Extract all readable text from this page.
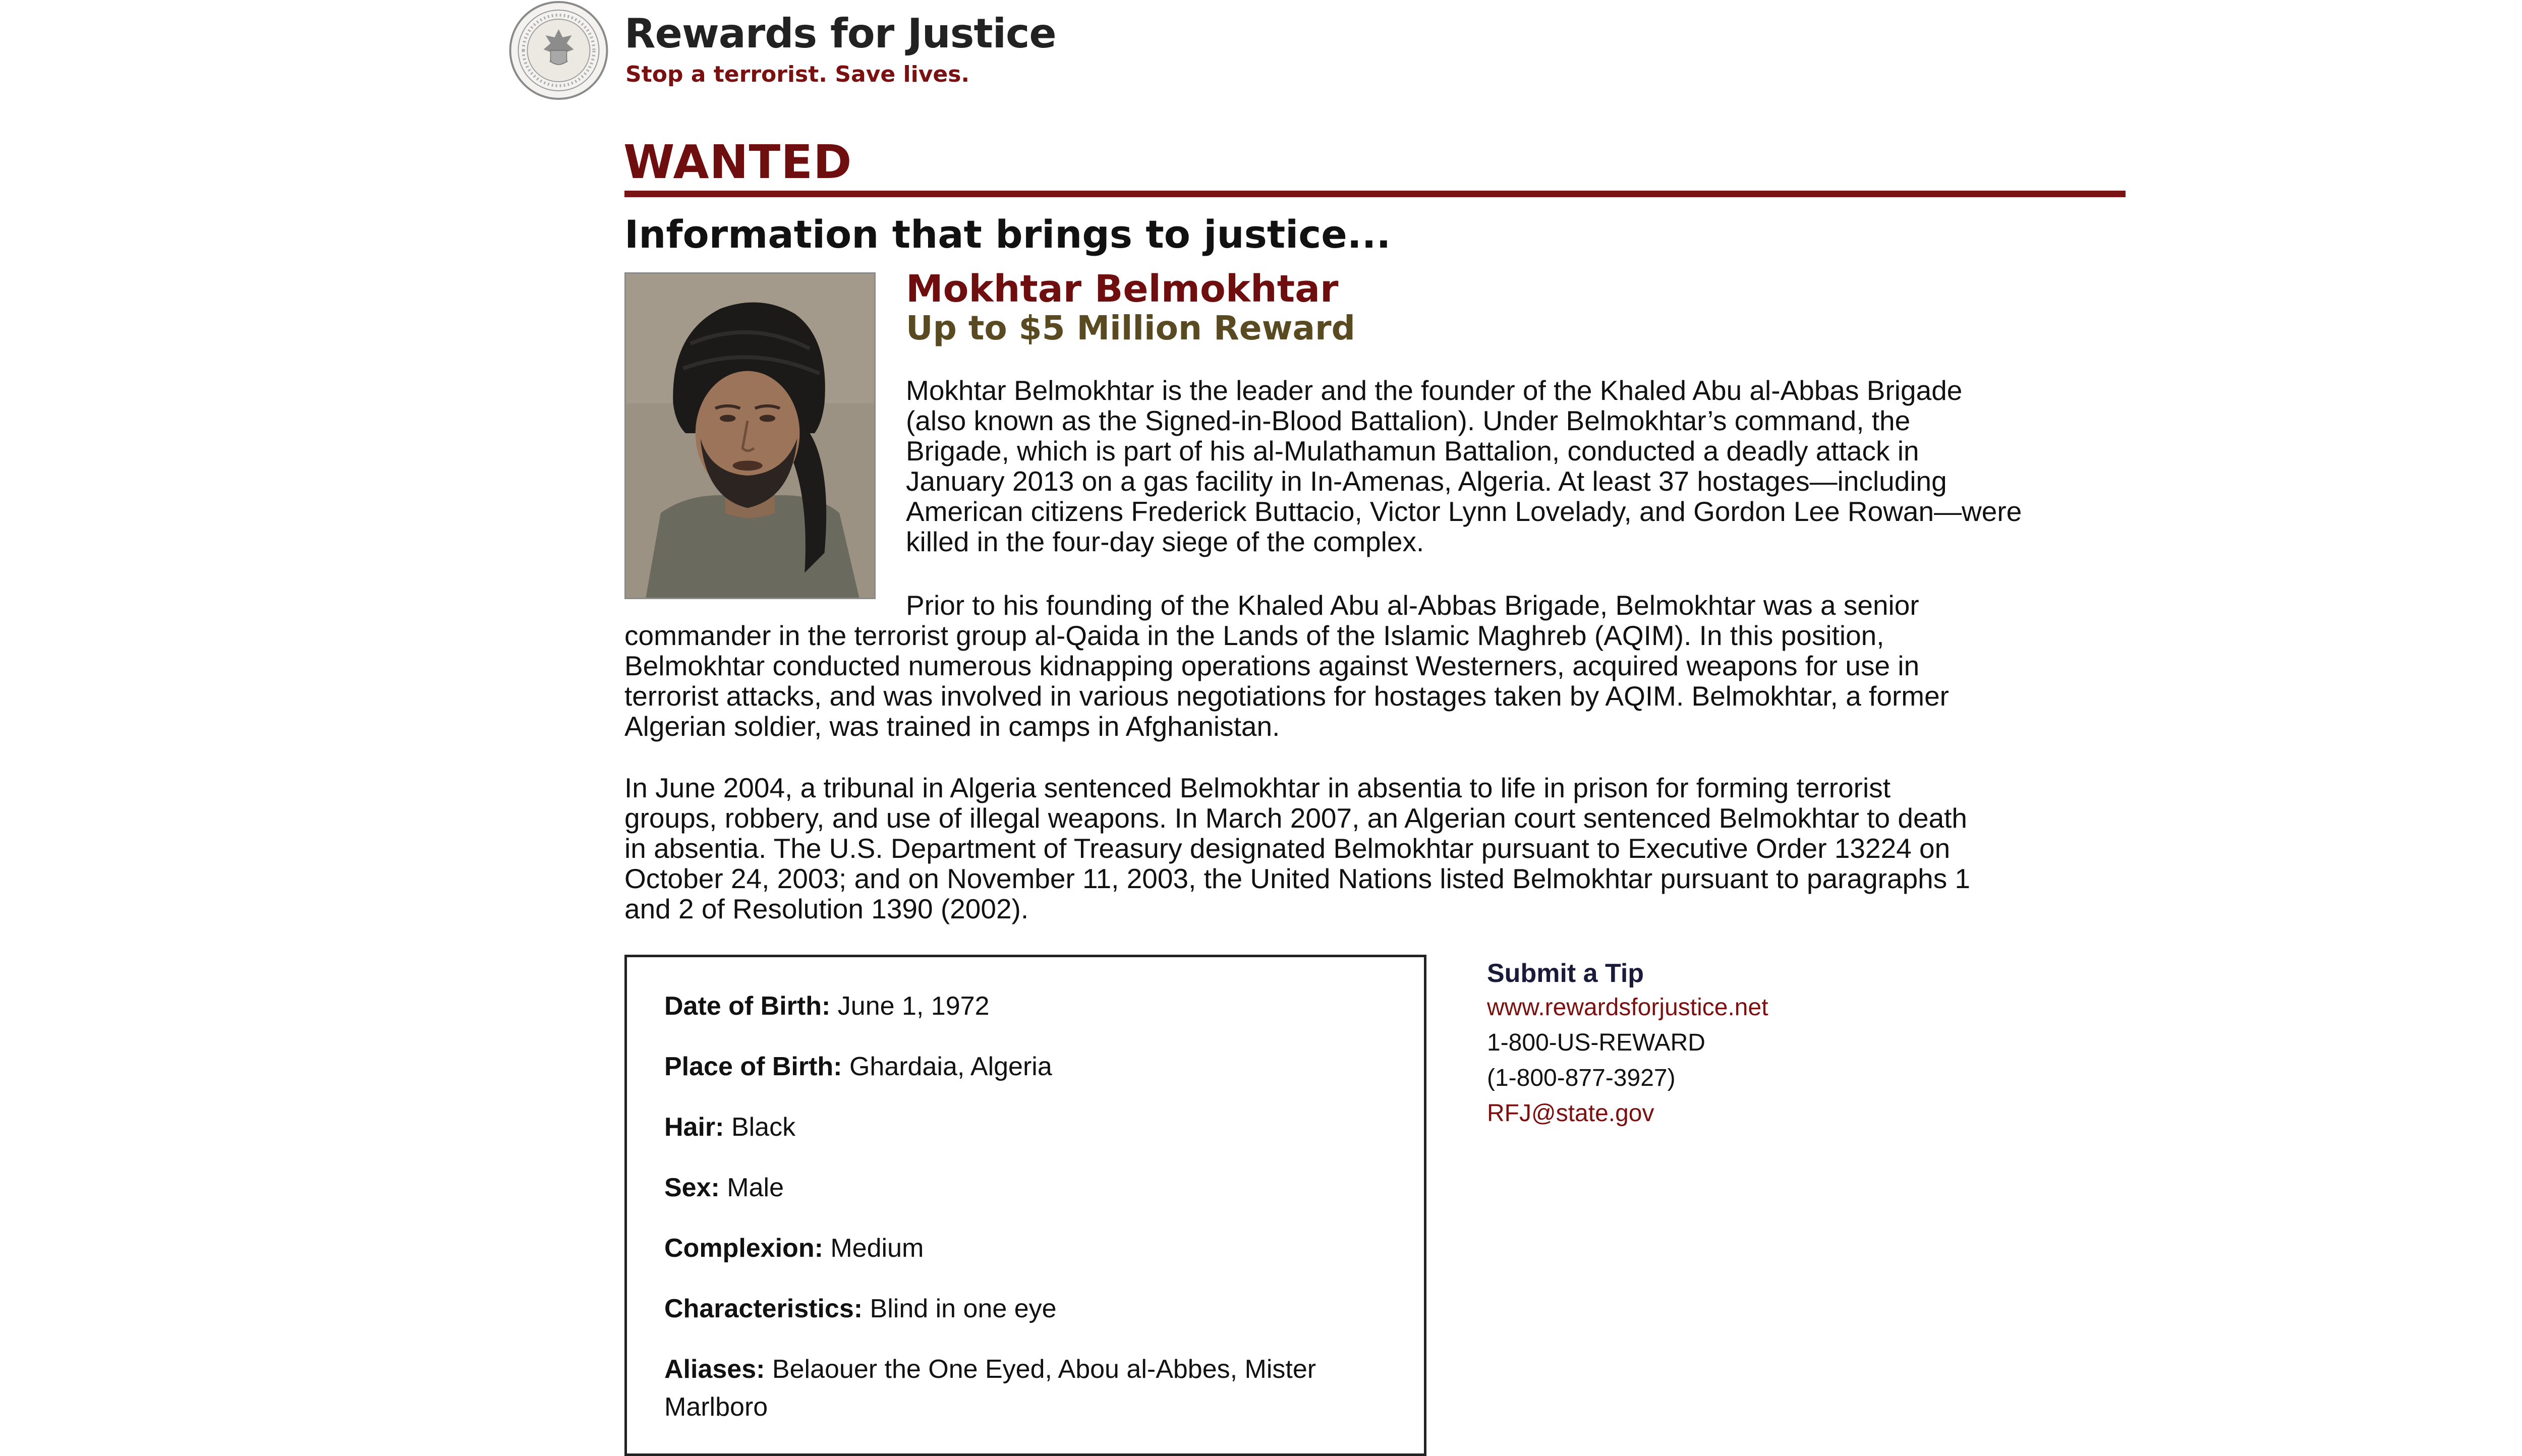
Rewards for Justice
Stop a terrorist. Save lives.
WANTED
Information that brings to justice...
Mokhtar Belmokhtar
Up to $5 Million Reward
Mokhtar Belmokhtar is the leader and the founder of the Khaled Abu al-Abbas Brigade
(also known as the Signed-in-Blood Battalion). Under Belmokhtar’s command, the
Brigade, which is part of his al-Mulathamun Battalion, conducted a deadly attack in
January 2013 on a gas facility in In-Amenas, Algeria. At least 37 hostages—including
American citizens Frederick Buttacio, Victor Lynn Lovelady, and Gordon Lee Rowan—were
killed in the four-day siege of the complex.
Prior to his founding of the Khaled Abu al-Abbas Brigade, Belmokhtar was a senior
commander in the terrorist group al-Qaida in the Lands of the Islamic Maghreb (AQIM). In this position,
Belmokhtar conducted numerous kidnapping operations against Westerners, acquired weapons for use in
terrorist attacks, and was involved in various negotiations for hostages taken by AQIM. Belmokhtar, a former
Algerian soldier, was trained in camps in Afghanistan.
In June 2004, a tribunal in Algeria sentenced Belmokhtar in absentia to life in prison for forming terrorist
groups, robbery, and use of illegal weapons. In March 2007, an Algerian court sentenced Belmokhtar to death
in absentia. The U.S. Department of Treasury designated Belmokhtar pursuant to Executive Order 13224 on
October 24, 2003; and on November 11, 2003, the United Nations listed Belmokhtar pursuant to paragraphs 1
and 2 of Resolution 1390 (2002).
Date of Birth: June 1, 1972
Place of Birth: Ghardaia, Algeria
Hair: Black
Sex: Male
Complexion: Medium
Characteristics: Blind in one eye
Aliases: Belaouer the One Eyed, Abou al-Abbes, Mister Marlboro
Submit a Tip
www.rewardsforjustice.net
1-800-US-REWARD
(1-800-877-3927)
RFJ@state.gov
